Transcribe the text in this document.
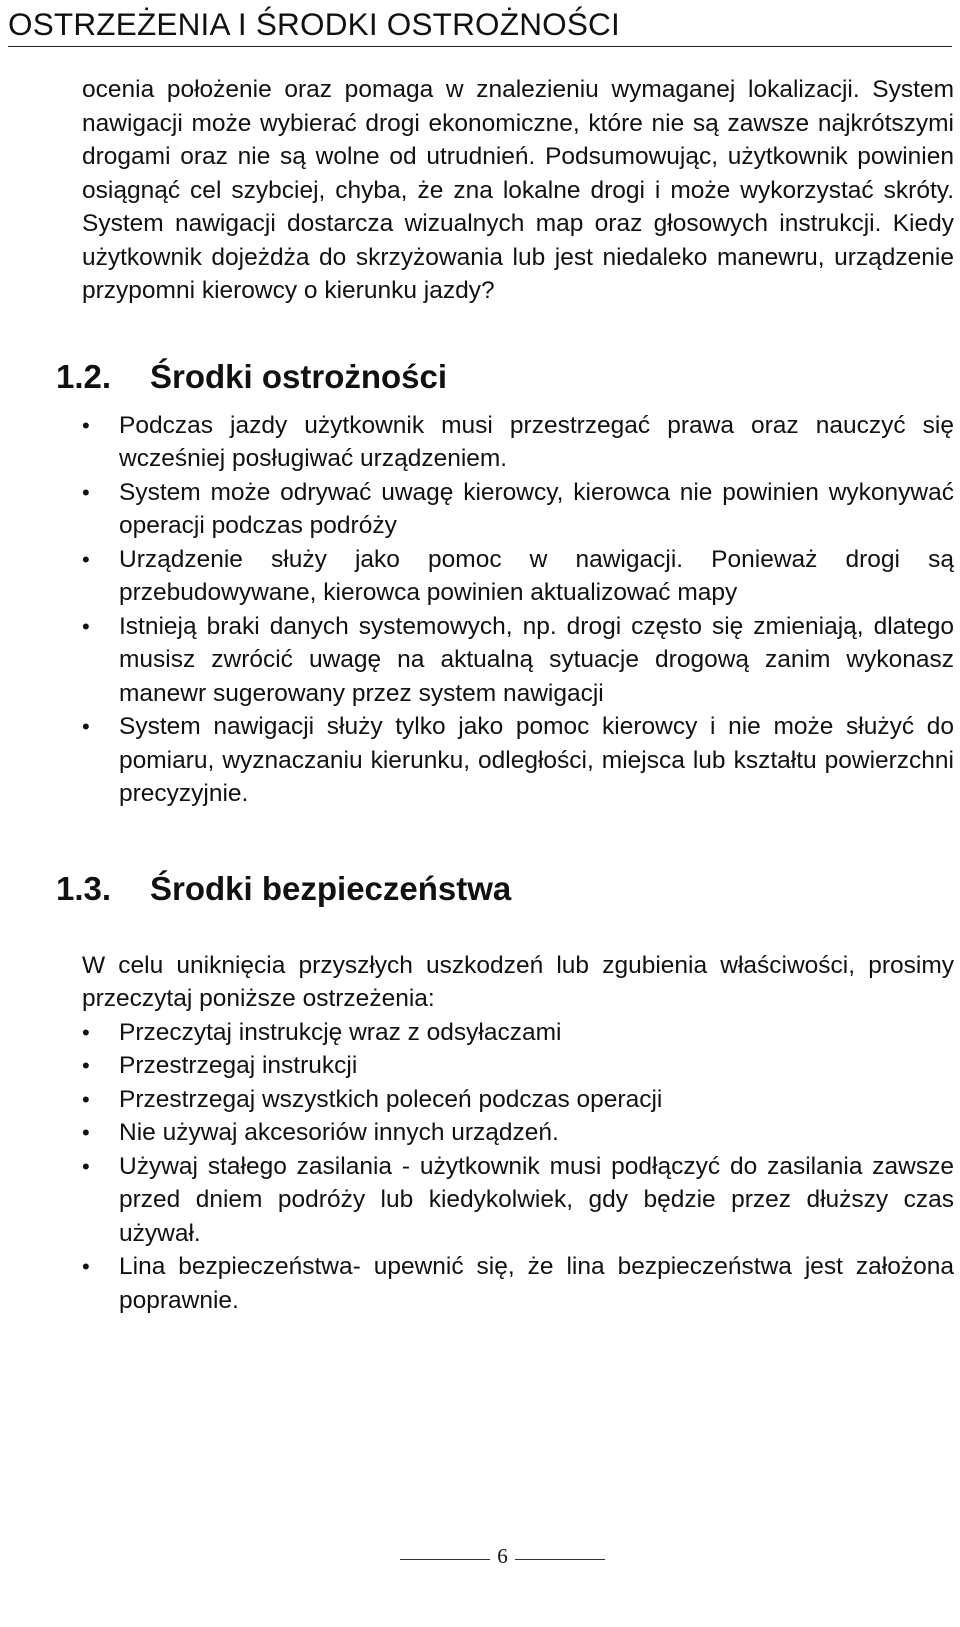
OSTRZEŻENIA I ŚRODKI OSTROŻNOŚCI

ocenia położenie oraz pomaga w znalezieniu wymaganej lokalizacji. System nawigacji może wybierać drogi ekonomiczne, które nie są zawsze najkrótszymi drogami oraz nie są wolne od utrudnień. Podsumowując, użytkownik powinien osiągnąć cel szybciej, chyba, że zna lokalne drogi i może wykorzystać skróty. System nawigacji dostarcza wizualnych map oraz głosowych instrukcji. Kiedy użytkownik dojeżdża do skrzyżowania lub jest niedaleko manewru, urządzenie przypomni kierowcy o kierunku jazdy?

1.2. Środki ostrożności
•	Podczas jazdy użytkownik musi przestrzegać prawa oraz nauczyć się wcześniej posługiwać urządzeniem.
•	System może odrywać uwagę kierowcy, kierowca nie powinien wykonywać operacji podczas podróży
•	Urządzenie służy jako pomoc w nawigacji. Ponieważ drogi są przebudowywane, kierowca powinien aktualizować mapy
•	Istnieją braki danych systemowych, np. drogi często się zmieniają, dlatego musisz zwrócić uwagę na aktualną sytuacje drogową zanim wykonasz manewr sugerowany przez system nawigacji
•	System nawigacji służy tylko jako pomoc kierowcy i nie może służyć do pomiaru, wyznaczaniu kierunku, odległości, miejsca lub kształtu powierzchni precyzyjnie.
1.3. Środki bezpieczeństwa

W celu uniknięcia przyszłych uszkodzeń lub zgubienia właściwości, prosimy przeczytaj poniższe ostrzeżenia:

•	Przeczytaj instrukcję wraz z odsyłaczami
•	Przestrzegaj instrukcji
•	Przestrzegaj wszystkich poleceń podczas operacji
•	Nie używaj akcesoriów innych urządzeń.
•	Używaj stałego zasilania - użytkownik musi podłączyć do zasilania zawsze przed dniem podróży lub kiedykolwiek, gdy będzie przez dłuższy czas używał.
•	Lina bezpieczeństwa- upewnić się, że lina bezpieczeństwa jest założona poprawnie.
6
